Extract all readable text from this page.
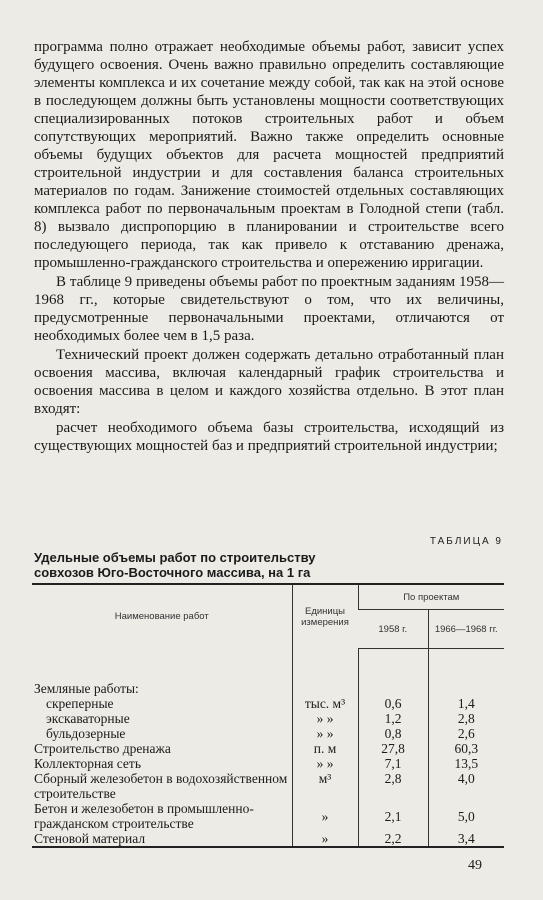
программа полно отражает необходимые объемы работ, зависит успех будущего освоения. Очень важно правильно определить составляющие элементы комплекса и их сочетание между собой, так как на этой основе в последующем должны быть установлены мощности соответствующих специализированных потоков строительных работ и объем сопутствующих мероприятий. Важно также определить основные объемы будущих объектов для расчета мощностей предприятий строительной индустрии и для составления баланса строительных материалов по годам. Занижение стоимостей отдельных составляющих комплекса работ по первоначальным проектам в Голодной степи (табл. 8) вызвало диспропорцию в планировании и строительстве всего последующего периода, так как привело к отставанию дренажа, промышленно-гражданского строительства и опережению ирригации.

В таблице 9 приведены объемы работ по проектным заданиям 1958—1968 гг., которые свидетельствуют о том, что их величины, предусмотренные первоначальными проектами, отличаются от необходимых более чем в 1,5 раза.

Технический проект должен содержать детально отработанный план освоения массива, включая календарный график строительства и освоения массива в целом и каждого хозяйства отдельно. В этот план входят:

расчет необходимого объема базы строительства, исходящий из существующих мощностей баз и предприятий строительной индустрии;

ТАБЛИЦА 9
Удельные объемы работ по строительству
совхозов Юго-Восточного массива, на 1 га
Наименование работ	Единицы измерения	По проектам	
		1958 г.	1966—1968 гг.

Земляные работы:			
скреперные	тыс. м³	0,6	1,4
экскаваторные	» »	1,2	2,8
бульдозерные	» »	0,8	2,6
Строительство дренажа	п. м	27,8	60,3
Коллекторная сеть	» »	7,1	13,5
Сборный железобетон в водохозяйственном строительстве	м³	2,8	4,0
Бетон и железобетон в промышленно-гражданском строительстве	»	2,1	5,0
Стеновой материал	»	2,2	3,4
49
